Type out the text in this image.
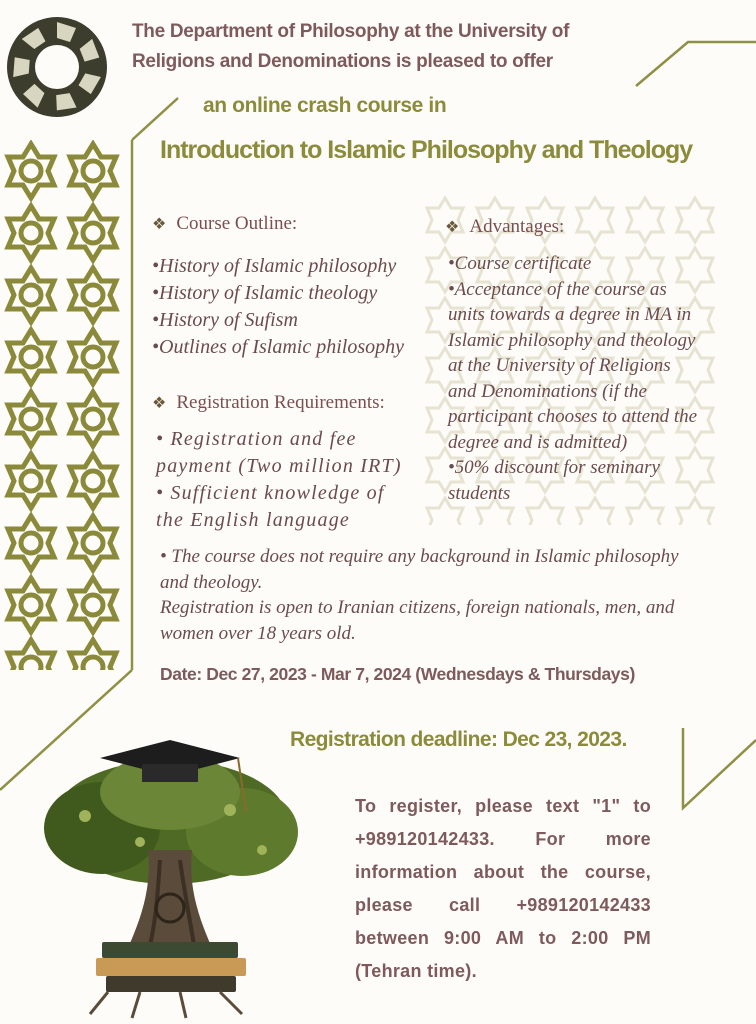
The Department of Philosophy at the University of
Religions and Denominations is pleased to offer
an online crash course in
Introduction to Islamic Philosophy and Theology
❖ Course Outline:
•History of Islamic philosophy
•History of Islamic theology
•History of Sufism
•Outlines of Islamic philosophy
❖ Advantages:
•Course certificate
•Acceptance of the course as
units towards a degree in MA in
Islamic philosophy and theology
at the University of Religions
and Denominations (if the
participant chooses to attend the
degree and is admitted)
•50% discount for seminary
students
❖ Registration Requirements:
• Registration and fee
payment (Two million IRT)
• Sufficient knowledge of
the English language
• The course does not require any background in Islamic philosophy
and theology.
Registration is open to Iranian citizens, foreign nationals, men, and
women over 18 years old.
Date: Dec 27, 2023 - Mar 7, 2024 (Wednesdays & Thursdays)
Registration deadline: Dec 23, 2023.
To register, please text "1" to +989120142433. For more information about the course, please call +989120142433 between 9:00 AM to 2:00 PM (Tehran time).
